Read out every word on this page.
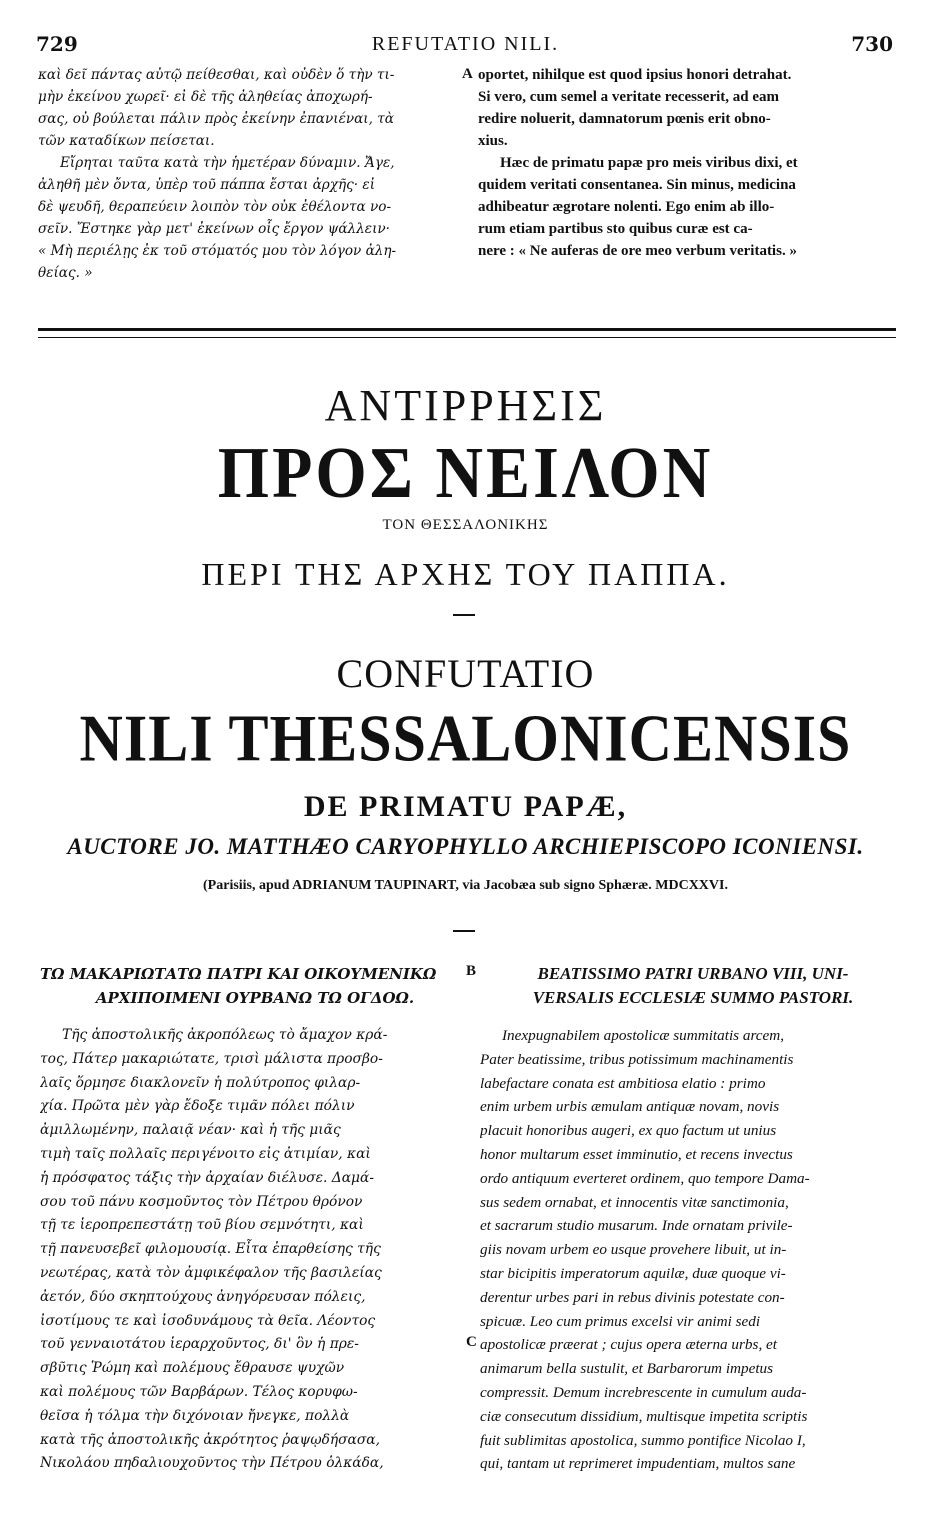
729	REFUTATIO NILI.	730
καὶ δεῖ πάντας αὐτῷ πείθεσθαι, καὶ οὐδὲν ὅ τὴν τι-
μὴν ἐκείνου χωρεῖ· εἰ δὲ τῆς ἀληθείας ἀποχωρή-
σας, οὐ βούλεται πάλιν πρὸς ἐκείνην ἐπανιέναι, τὰ
τῶν καταδίκων πείσεται.
Εἴρηται ταῦτα κατὰ τὴν ἡμετέραν δύναμιν. Ἄγε,
ἀληθῆ μὲν ὄντα, ὑπὲρ τοῦ πάππα ἔσται ἀρχῆς· εἰ
δὲ ψευδῆ, θεραπεύειν λοιπὸν τὸν οὐκ ἐθέλοντα νο-
σεῖν. Ἔστηκε γὰρ μετ' ἐκείνων οἷς ἔργον ψάλλειν·
« Μὴ περιέλῃς ἐκ τοῦ στόματός μου τὸν λόγον ἀλη-
θείας. »
A oportet, nihilque est quod ipsius honori detrahat.
Si vero, cum semel a veritate recesserit, ad eam
redire noluerit, damnatorum pœnis erit obno-
xius.
Hæc de primatu papæ pro meis viribus dixi, et
quidem veritati consentanea. Sin minus, medicina
adhibeatur ægrotare nolenti. Ego enim ab illo-
rum etiam partibus sto quibus curæ est ca-
nere : « Ne auferas de ore meo verbum veritatis. »
ΑΝΤΙΡΡΗΣΙΣ
ΠΡΟΣ ΝΕΙΛΟΝ
ΤΟΝ ΘΕΣΣΑΛΟΝΙΚΗΣ
ΠΕΡΙ ΤΗΣ ΑΡΧΗΣ ΤΟΥ ΠΑΠΠΑ.
CONFUTATIO
NILI THESSALONICENSIS
DE PRIMATU PAPÆ,
AUCTORE JO. MATTHÆO CARYOPHYLLO ARCHIEPISCOPO ICONIENSI.
(Parisiis, apud ADRIANUM TAUPINART, via Jacobæa sub signo Sphæræ. MDCXXVI.
ΤΩ ΜΑΚΑΡΙΩΤΑΤΩ ΠΑΤΡΙ ΚΑΙ ΟΙΚΟΥΜΕΝΙΚΩ
ΑΡΧΙΠΟΙΜΕΝΙ ΟΥΡΒΑΝΩ ΤΩ ΟΓΔΟΩ.
B	BEATISSIMO PATRI URBANO VIII, UNI-
VERSALIS ECCLESIÆ SUMMO PASTORI.
Τῆς ἀποστολικῆς ἀκροπόλεως τὸ ἄμαχον κρά-
τος, Πάτερ μακαριώτατε, τρισὶ μάλιστα προσβο-
λαῖς ὅρμησε διακλονεῖν ἡ πολύτροπος φιλαρ-
χία. Πρῶτα μὲν γὰρ ἔδοξε τιμᾶν πόλει πόλιν
ἀμιλλωμένην, παλαιᾷ νέαν· καὶ ἡ τῆς μιᾶς
τιμὴ ταῖς πολλαῖς περιγένοιτο εἰς ἀτιμίαν, καὶ
ἡ πρόσφατος τάξις τὴν ἀρχαίαν διέλυσε. Δαμά-
σου τοῦ πάνυ κοσμοῦντος τὸν Πέτρου θρόνον
τῇ τε ἱεροπρεπεστάτῃ τοῦ βίου σεμνότητι, καὶ
τῇ πανευσεβεῖ φιλομουσίᾳ. Εἶτα ἐπαρθείσης τῆς
νεωτέρας, κατὰ τὸν ἀμφικέφαλον τῆς βασιλείας
ἀετόν, δύο σκηπτούχους ἀνηγόρευσαν πόλεις,
ἰσοτίμους τε καὶ ἰσοδυνάμους τὰ θεῖα. Λέοντος
τοῦ γενναιοτάτου ἱεραρχοῦντος, δι' ὃν ἡ πρε-
σβῦτις Ῥώμη καὶ πολέμους ἔθραυσε ψυχῶν
καὶ πολέμους τῶν Βαρβάρων. Τέλος κορυφω-
θεῖσα ἡ τόλμα τὴν διχόνοιαν ἤνεγκε, πολλὰ
κατὰ τῆς ἀποστολικῆς ἀκρότητος ῥαψῳδήσασα,
Νικολάου πηδαλιουχοῦντος τὴν Πέτρου ὁλκάδα,
C
Inexpugnabilem apostolicæ summitatis arcem,
Pater beatissime, tribus potissimum machinamentis
labefactare conata est ambitiosa elatio : primo
enim urbem urbis æmulam antiquæ novam, novis
placuit honoribus augeri, ex quo factum ut unius
honor multarum esset imminutio, et recens invectus
ordo antiquum everteret ordinem, quo tempore Dama-
sus sedem ornabat, et innocentis vitæ sanctimonia,
et sacrarum studio musarum. Inde ornatam privile-
giis novam urbem eo usque provehere libuit, ut in-
star bicipitis imperatorum aquilæ, duæ quoque vi-
derentur urbes pari in rebus divinis potestate con-
spicuæ. Leo cum primus excelsi vir animi sedi
apostolicæ præerat ; cujus opera æterna urbs, et
animarum bella sustulit, et Barbarorum impetus
compressit. Demum increbrescente in cumulum auda-
ciæ consecutum dissidium, multisque impetita scriptis
fuit sublimitas apostolica, summo pontifice Nicolao I,
qui, tantam ut reprimeret impudentiam, multos sane
